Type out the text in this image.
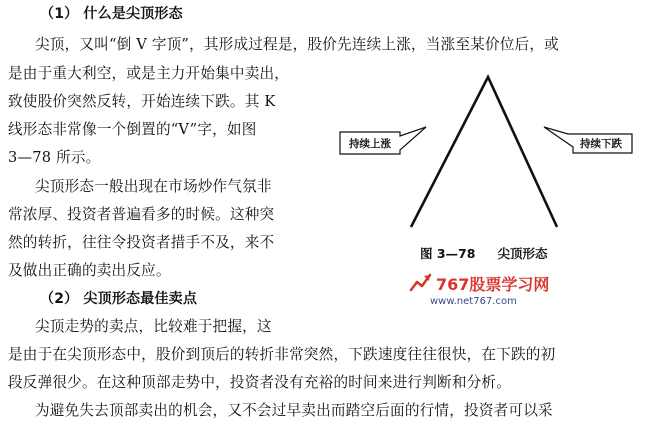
（1） 什么是尖顶形态
尖顶，又叫“倒 V 字顶”，其形成过程是，股价先连续上涨，当涨至某价位后，或
是由于重大利空，或是主力开始集中卖出，
致使股价突然反转，开始连续下跌。其 K
线形态非常像一个倒置的“V”字，如图
3—78 所示。
尖顶形态一般出现在市场炒作气氛非
常浓厚、投资者普遍看多的时候。这种突
然的转折，往往令投资者措手不及，来不
及做出正确的卖出反应。
（2） 尖顶形态最佳卖点
尖顶走势的卖点，比较难于把握，这
是由于在尖顶形态中，股价到顶后的转折非常突然，下跌速度往往很快，在下跌的初
段反弹很少。在这种顶部走势中，投资者没有充裕的时间来进行判断和分析。
为避免失去顶部卖出的机会，又不会过早卖出而踏空后面的行情，投资者可以采
持续上涨	持续下跌
图 3—78 尖顶形态
767股票学习网
www.net767.com
